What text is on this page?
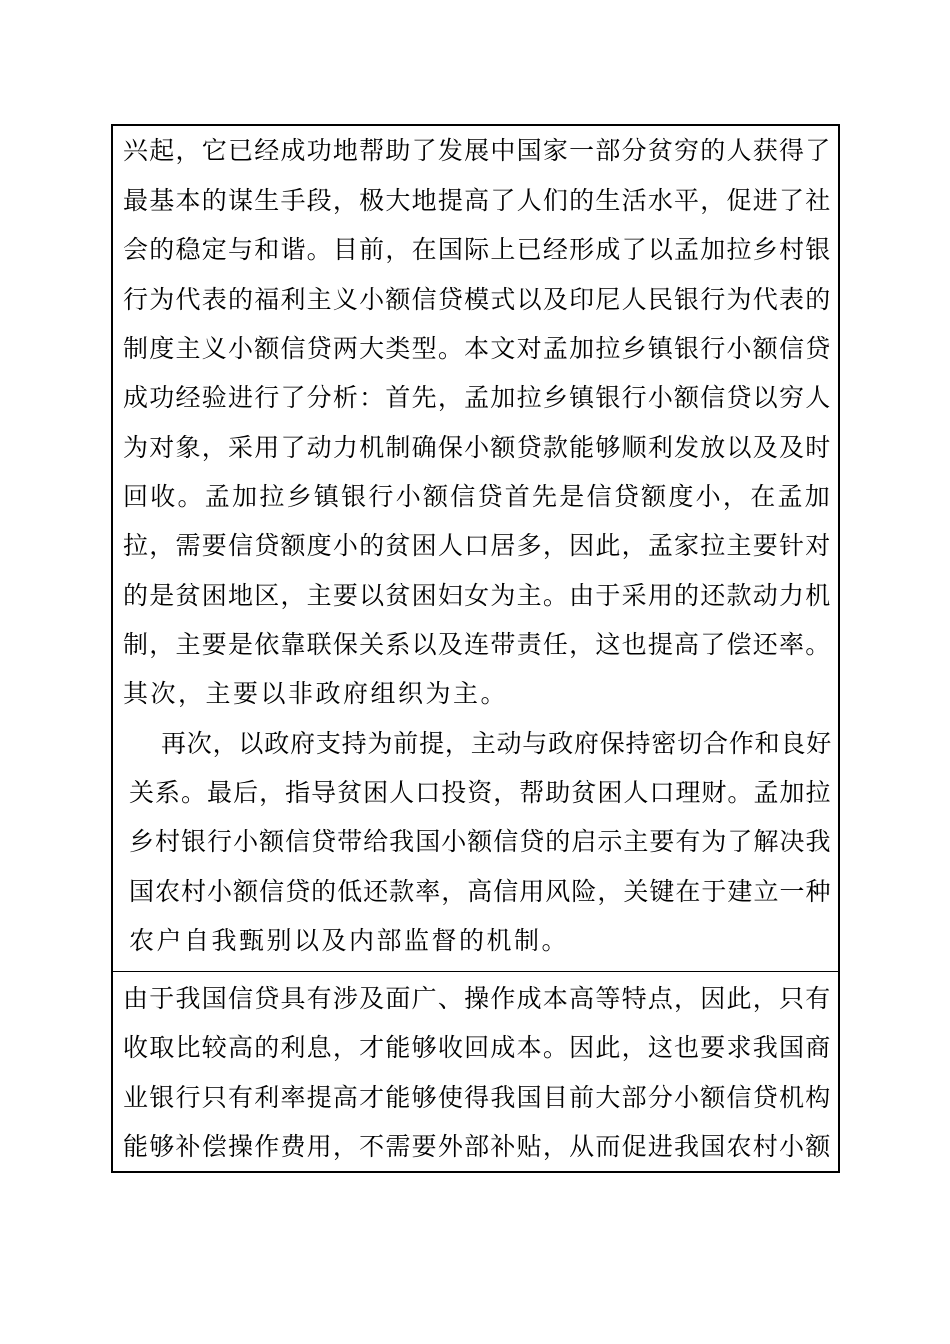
兴起，它已经成功地帮助了发展中国家一部分贫穷的人获得了
最基本的谋生手段，极大地提高了人们的生活水平，促进了社
会的稳定与和谐。目前，在国际上已经形成了以孟加拉乡村银
行为代表的福利主义小额信贷模式以及印尼人民银行为代表的
制度主义小额信贷两大类型。本文对孟加拉乡镇银行小额信贷
成功经验进行了分析：首先，孟加拉乡镇银行小额信贷以穷人
为对象，采用了动力机制确保小额贷款能够顺利发放以及及时
回收。孟加拉乡镇银行小额信贷首先是信贷额度小，在孟加
拉，需要信贷额度小的贫困人口居多，因此，孟家拉主要针对
的是贫困地区，主要以贫困妇女为主。由于采用的还款动力机
制，主要是依靠联保关系以及连带责任，这也提高了偿还率。
其次，主要以非政府组织为主。
再次，以政府支持为前提，主动与政府保持密切合作和良好
关系。最后，指导贫困人口投资，帮助贫困人口理财。孟加拉
乡村银行小额信贷带给我国小额信贷的启示主要有为了解决我
国农村小额信贷的低还款率，高信用风险，关键在于建立一种
农户自我甄别以及内部监督的机制。
由于我国信贷具有涉及面广、操作成本高等特点，因此，只有
收取比较高的利息，才能够收回成本。因此，这也要求我国商
业银行只有利率提高才能够使得我国目前大部分小额信贷机构
能够补偿操作费用，不需要外部补贴，从而促进我国农村小额
